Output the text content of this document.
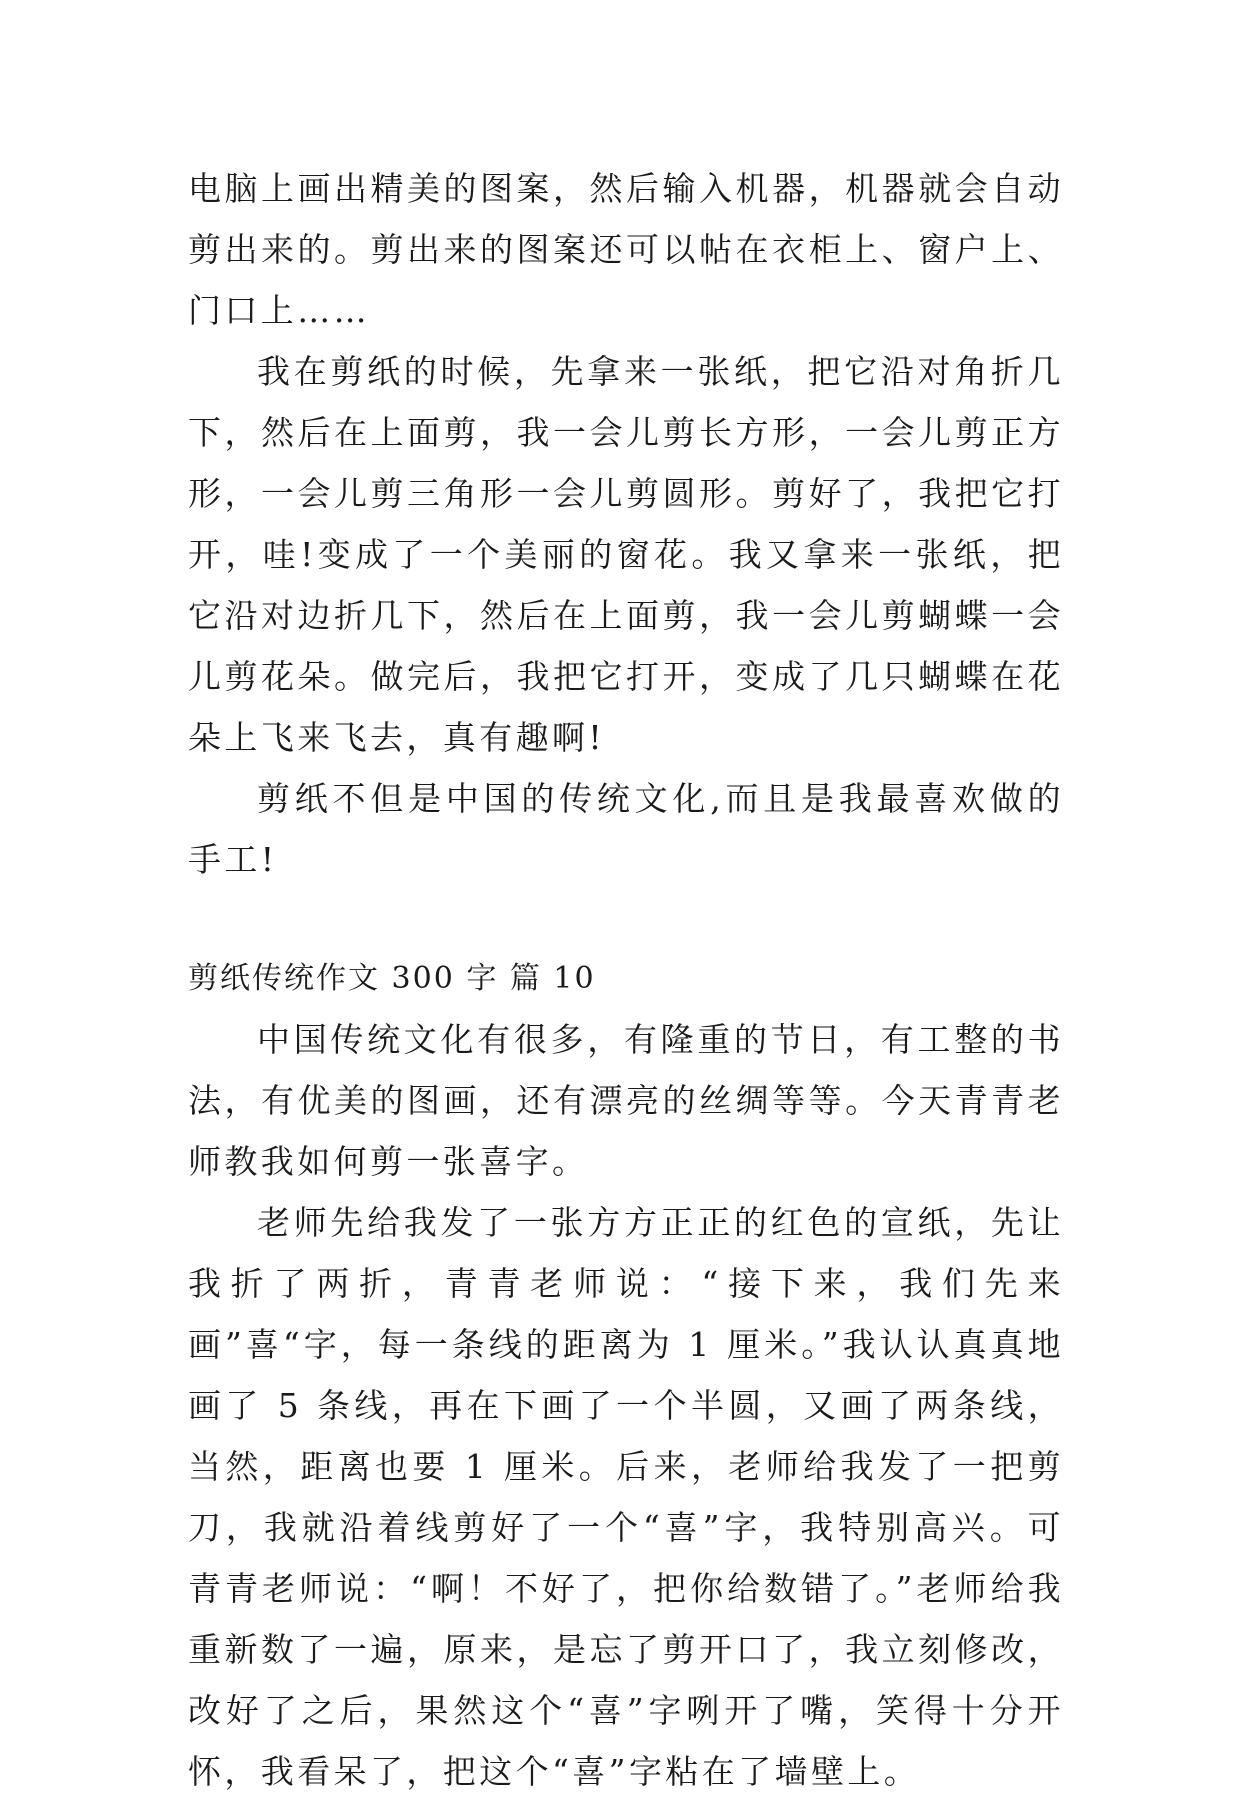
电脑上画出精美的图案，然后输入机器，机器就会自动剪出来的。剪出来的图案还可以帖在衣柜上、窗户上、门口上……

我在剪纸的时候，先拿来一张纸，把它沿对角折几下，然后在上面剪，我一会儿剪长方形，一会儿剪正方形，一会儿剪三角形一会儿剪圆形。剪好了，我把它打开，哇!变成了一个美丽的窗花。我又拿来一张纸，把它沿对边折几下，然后在上面剪，我一会儿剪蝴蝶一会儿剪花朵。做完后，我把它打开，变成了几只蝴蝶在花朵上飞来飞去，真有趣啊!

剪纸不但是中国的传统文化,而且是我最喜欢做的手工!

剪纸传统作文 300 字 篇 10

中国传统文化有很多，有隆重的节日，有工整的书法，有优美的图画，还有漂亮的丝绸等等。今天青青老师教我如何剪一张喜字。

老师先给我发了一张方方正正的红色的宣纸，先让我折了两折，青青老师说：“接下来，我们先来画”喜“字，每一条线的距离为 1 厘米。”我认认真真地画了 5 条线，再在下画了一个半圆，又画了两条线，当然，距离也要 1 厘米。后来，老师给我发了一把剪刀，我就沿着线剪好了一个“喜”字，我特别高兴。可青青老师说：“啊！不好了，把你给数错了。”老师给我重新数了一遍，原来，是忘了剪开口了，我立刻修改，改好了之后，果然这个“喜”字咧开了嘴，笑得十分开怀，我看呆了，把这个“喜”字粘在了墙壁上。
